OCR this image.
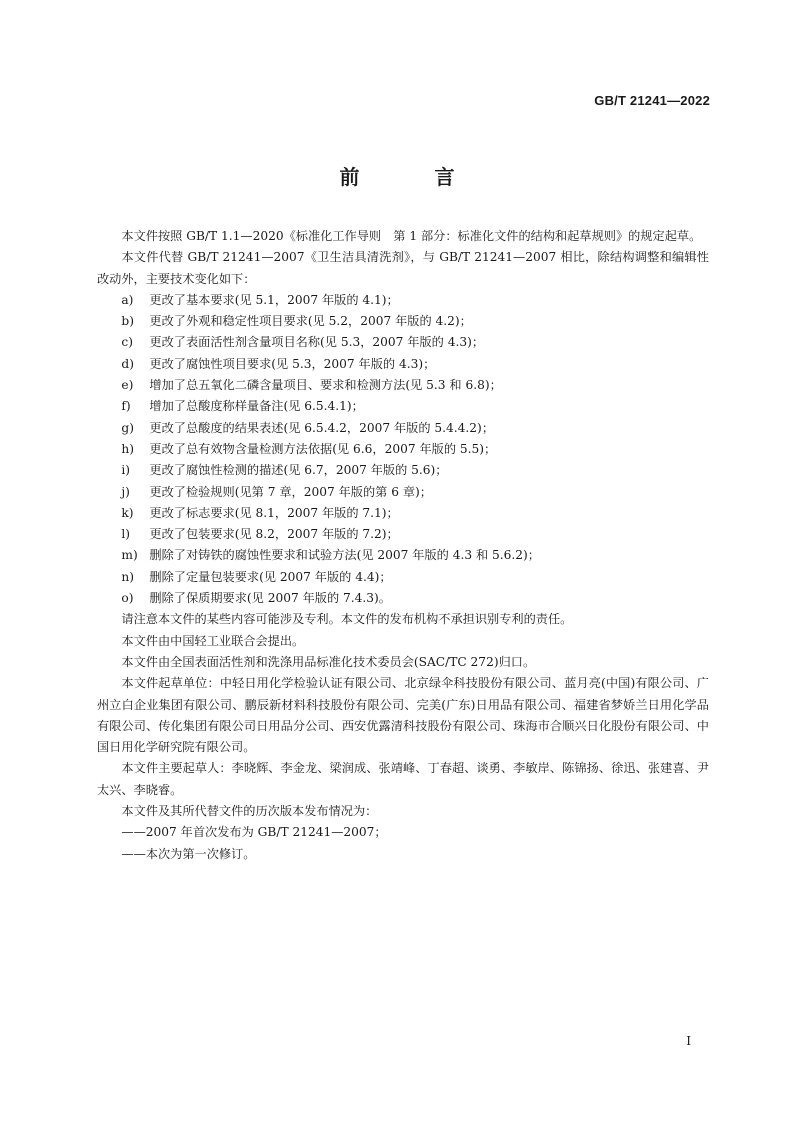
GB/T 21241—2022
前 言

本文件按照 GB/T 1.1—2020《标准化工作导则　第 1 部分：标准化文件的结构和起草规则》的规定起草。

本文件代替 GB/T 21241—2007《卫生洁具清洗剂》，与 GB/T 21241—2007 相比，除结构调整和编辑性改动外，主要技术变化如下：

a) 更改了基本要求(见 5.1，2007 年版的 4.1)；

b) 更改了外观和稳定性项目要求(见 5.2，2007 年版的 4.2)；

c) 更改了表面活性剂含量项目名称(见 5.3，2007 年版的 4.3)；

d) 更改了腐蚀性项目要求(见 5.3，2007 年版的 4.3)；

e) 增加了总五氧化二磷含量项目、要求和检测方法(见 5.3 和 6.8)；

f) 增加了总酸度称样量备注(见 6.5.4.1)；

g) 更改了总酸度的结果表述(见 6.5.4.2，2007 年版的 5.4.4.2)；

h) 更改了总有效物含量检测方法依据(见 6.6，2007 年版的 5.5)；

i) 更改了腐蚀性检测的描述(见 6.7，2007 年版的 5.6)；

j) 更改了检验规则(见第 7 章，2007 年版的第 6 章)；

k) 更改了标志要求(见 8.1，2007 年版的 7.1)；

l) 更改了包装要求(见 8.2，2007 年版的 7.2)；

m) 删除了对铸铁的腐蚀性要求和试验方法(见 2007 年版的 4.3 和 5.6.2)；

n) 删除了定量包装要求(见 2007 年版的 4.4)；

o) 删除了保质期要求(见 2007 年版的 7.4.3)。

请注意本文件的某些内容可能涉及专利。本文件的发布机构不承担识别专利的责任。

本文件由中国轻工业联合会提出。

本文件由全国表面活性剂和洗涤用品标准化技术委员会(SAC/TC 272)归口。

本文件起草单位：中轻日用化学检验认证有限公司、北京绿伞科技股份有限公司、蓝月亮(中国)有限公司、广州立白企业集团有限公司、鹏辰新材料科技股份有限公司、完美(广东)日用品有限公司、福建省梦娇兰日用化学品有限公司、传化集团有限公司日用品分公司、西安优露清科技股份有限公司、珠海市合顺兴日化股份有限公司、中国日用化学研究院有限公司。

本文件主要起草人：李晓辉、李金龙、梁润成、张靖峰、丁春超、谈勇、李敏岸、陈锦扬、徐迅、张建喜、尹太兴、李晓睿。

本文件及其所代替文件的历次版本发布情况为：

——2007 年首次发布为 GB/T 21241—2007；

——本次为第一次修订。

I
